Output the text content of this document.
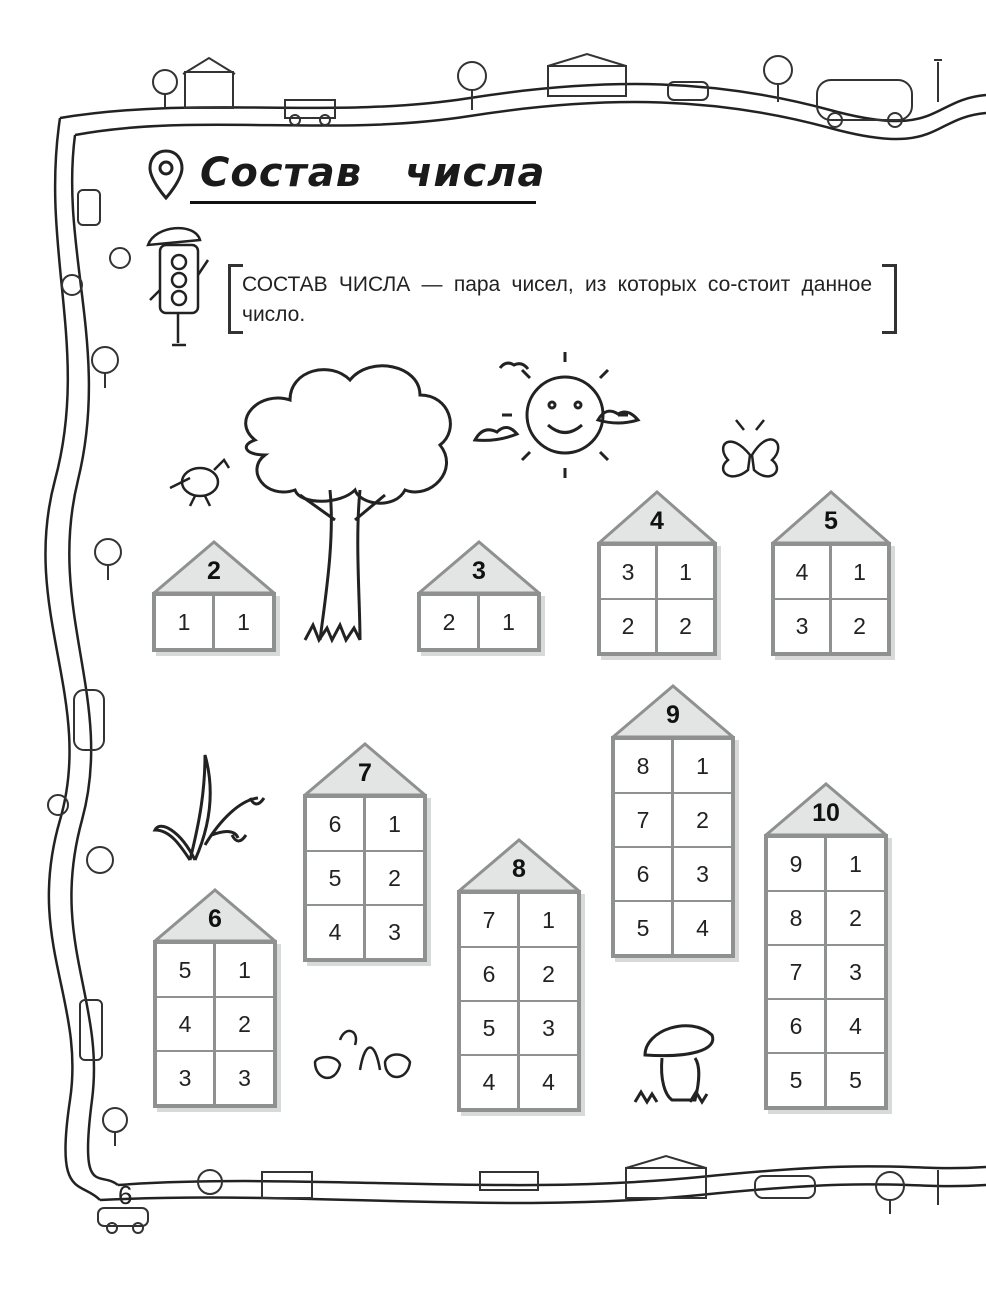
Состав числа
СОСТАВ ЧИСЛА — пара чисел, из которых со-стоит данное число.
2
1	1
3
2	1
4
3	1
2	2
5
4	1
3	2
6
5	1
4	2
3	3
7
6	1
5	2
4	3
8
7	1
6	2
5	3
4	4
9
8	1
7	2
6	3
5	4
10
9	1
8	2
7	3
6	4
5	5
6
